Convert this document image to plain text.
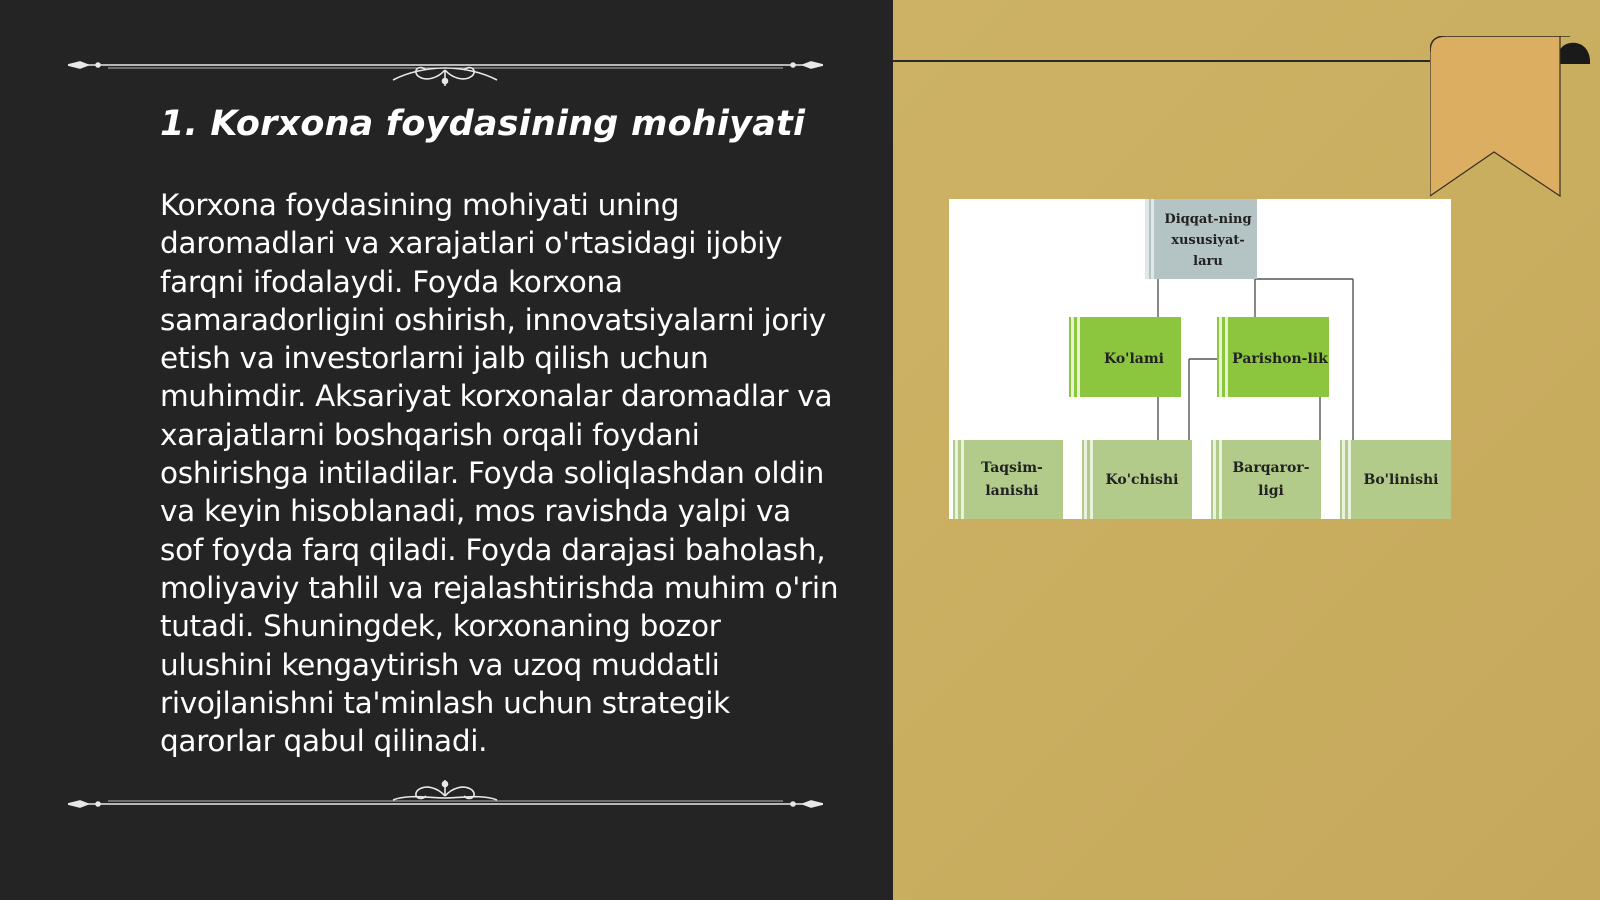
1. Korxona foydasining mohiyati

Korxona foydasining mohiyati uning daromadlari va xarajatlari o'rtasidagi ijobiy farqni ifodalaydi. Foyda korxona samaradorligini oshirish, innovatsiyalarni joriy etish va investorlarni jalb qilish uchun muhimdir. Aksariyat korxonalar daromadlar va xarajatlarni boshqarish orqali foydani oshirishga intiladilar. Foyda soliqlashdan oldin va keyin hisoblanadi, mos ravishda yalpi va sof foyda farq qiladi. Foyda darajasi baholash, moliyaviy tahlil va rejalashtirishda muhim o'rin tutadi. Shuningdek, korxonaning bozor ulushini kengaytirish va uzoq muddatli rivojlanishni ta'minlash uchun strategik qarorlar qabul qilinadi.

Diqqat-ning
xususiyat-
laru
Ko'lami	Parishon-lik
Taqsim-
lanishi
Ko'chishi
Barqaror-
ligi
Bo'linishi
